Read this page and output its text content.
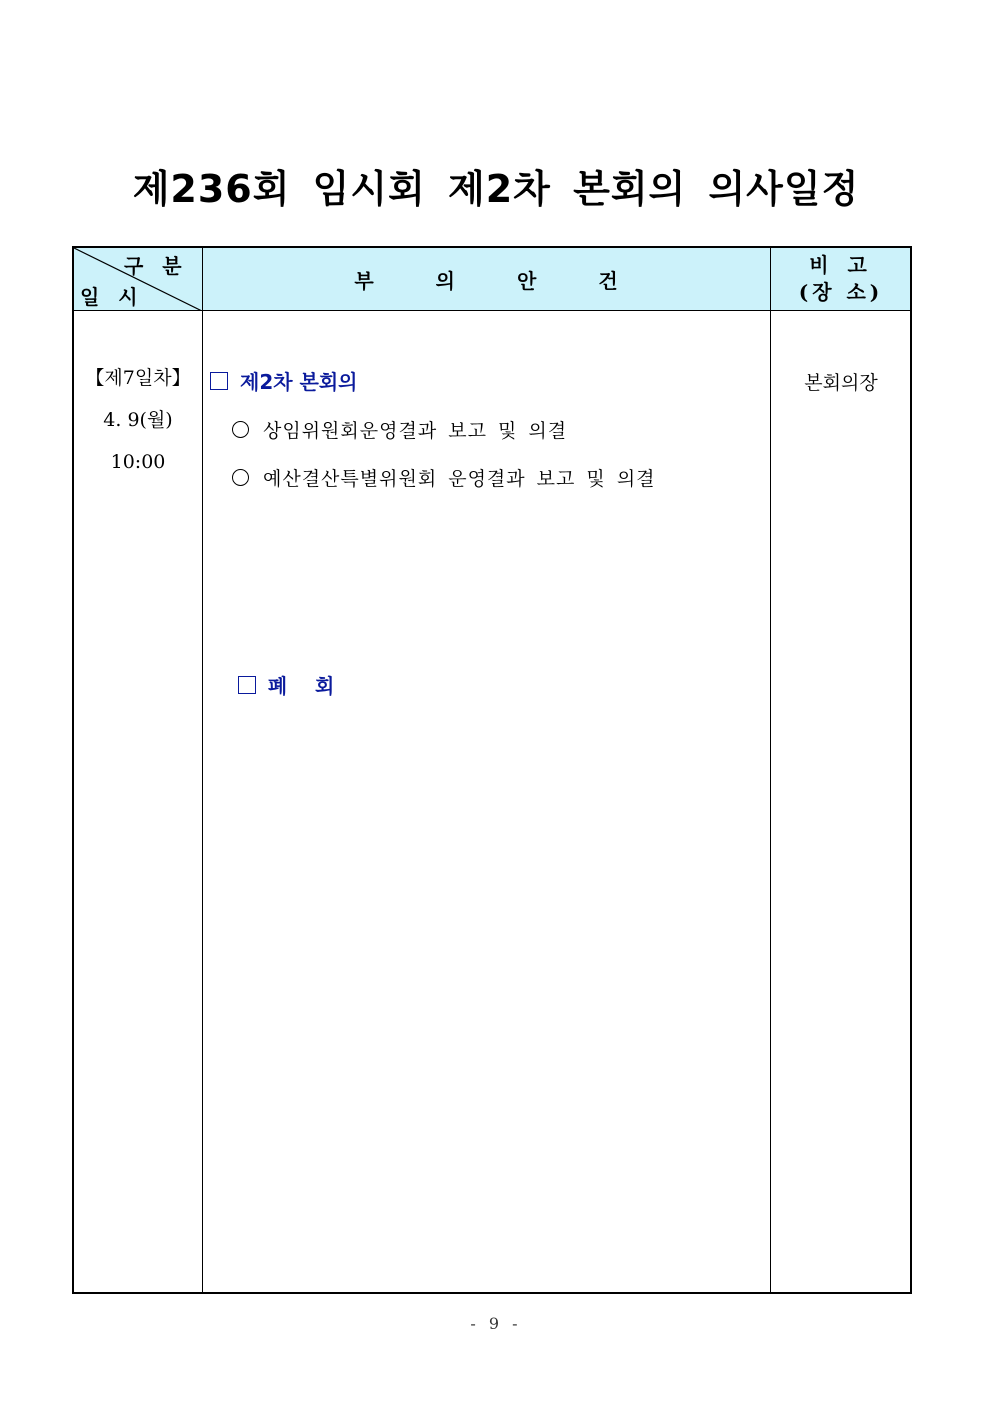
제236회 임시회 제2차 본회의 의사일정
구 분
일 시
부의안건
비 고
(장 소)
【제7일차】
4. 9(월)
10:00
제2차 본회의
상임위원회운영결과 보고 및 의결
예산결산특별위원회 운영결과 보고 및 의결

폐    회

본회의장
- 9 -
